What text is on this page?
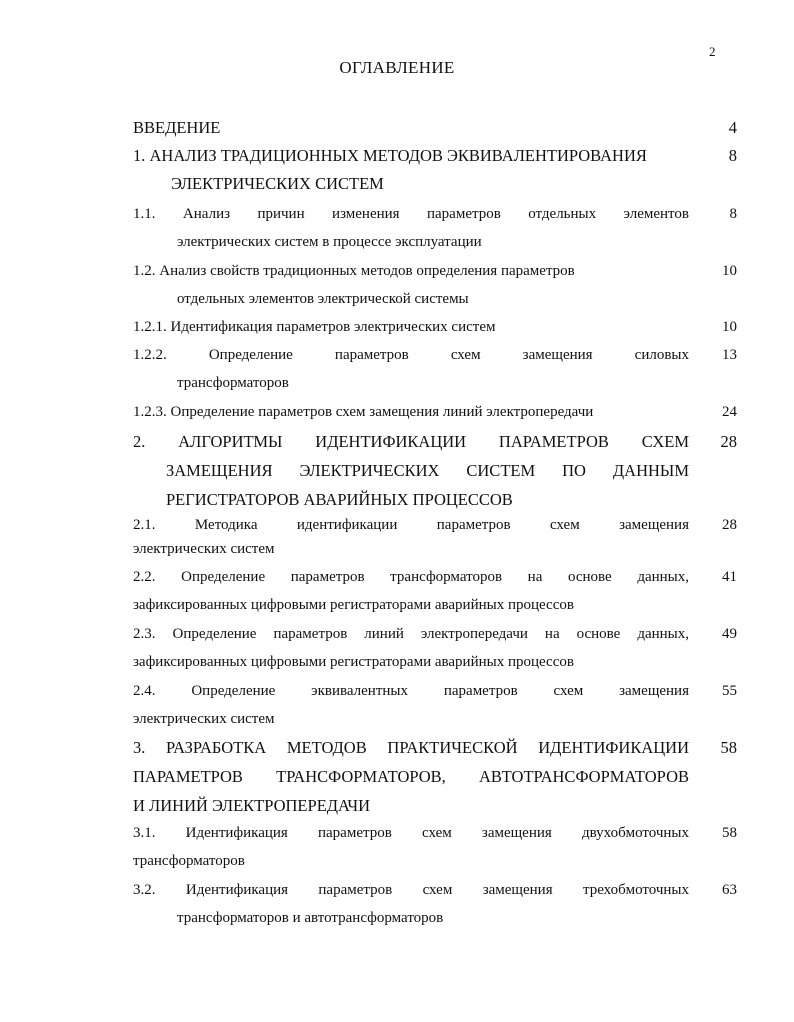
2
ОГЛАВЛЕНИЕ
ВВЕДЕНИЕ	4
1. АНАЛИЗ ТРАДИЦИОННЫХ МЕТОДОВ ЭКВИВАЛЕНТИРОВАНИЯ	8
ЭЛЕКТРИЧЕСКИХ СИСТЕМ
1.1. Анализ причин изменения параметров отдельных элементов	8
электрических систем в процессе эксплуатации
1.2. Анализ свойств традиционных методов определения параметров	10
отдельных элементов электрической системы
1.2.1. Идентификация параметров электрических систем	10
1.2.2. Определение параметров схем замещения силовых 13
трансформаторов
1.2.3. Определение параметров схем замещения линий электропередачи	24
2. АЛГОРИТМЫ ИДЕНТИФИКАЦИИ ПАРАМЕТРОВ СХЕМ 28
ЗАМЕЩЕНИЯ ЭЛЕКТРИЧЕСКИХ СИСТЕМ ПО ДАННЫМ
РЕГИСТРАТОРОВ АВАРИЙНЫХ ПРОЦЕССОВ
2.1. Методика идентификации параметров схем замещения 28
электрических систем
2.2. Определение параметров трансформаторов на основе данных, 41
зафиксированных цифровыми регистраторами аварийных процессов
2.3. Определение параметров линий электропередачи на основе данных, 49
зафиксированных цифровыми регистраторами аварийных процессов
2.4. Определение эквивалентных параметров схем замещения 55
электрических систем
3. РАЗРАБОТКА МЕТОДОВ ПРАКТИЧЕСКОЙ ИДЕНТИФИКАЦИИ 58
ПАРАМЕТРОВ ТРАНСФОРМАТОРОВ, АВТОТРАНСФОРМАТОРОВ
И ЛИНИЙ ЭЛЕКТРОПЕРЕДАЧИ
3.1. Идентификация параметров схем замещения двухобмоточных 58
трансформаторов
3.2. Идентификация параметров схем замещения трехобмоточных 63
трансформаторов и автотрансформаторов
